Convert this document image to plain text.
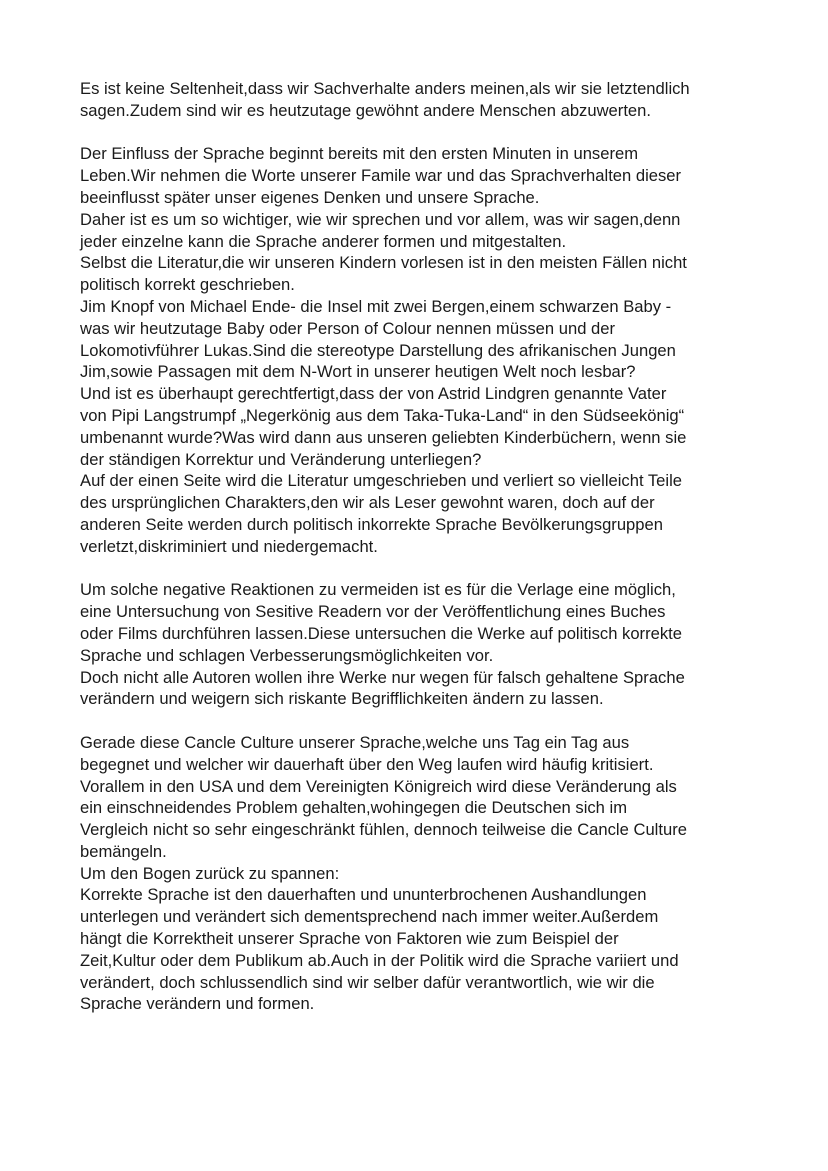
Es ist keine Seltenheit,dass wir Sachverhalte anders meinen,als wir sie letztendlich
sagen.Zudem sind wir es heutzutage gewöhnt andere Menschen abzuwerten.
Der Einfluss der Sprache beginnt bereits mit den ersten Minuten in unserem
Leben.Wir nehmen die Worte unserer Famile war und das Sprachverhalten dieser
beeinflusst später unser eigenes Denken und unsere Sprache.
Daher ist es um so wichtiger, wie wir sprechen und vor allem, was wir sagen,denn
jeder einzelne kann die Sprache anderer formen und mitgestalten.
Selbst die Literatur,die wir unseren Kindern vorlesen ist in den meisten Fällen nicht
politisch korrekt geschrieben.
Jim Knopf von Michael Ende- die Insel mit zwei Bergen,einem schwarzen Baby -
was wir heutzutage Baby oder Person of Colour nennen müssen und der
Lokomotivführer Lukas.Sind die stereotype Darstellung des afrikanischen Jungen
Jim,sowie Passagen mit dem N-Wort in unserer heutigen Welt noch lesbar?
Und ist es überhaupt gerechtfertigt,dass der von Astrid Lindgren genannte Vater
von Pipi Langstrumpf „Negerkönig aus dem Taka-Tuka-Land“ in den Südseekönig“
umbenannt wurde?Was wird dann aus unseren geliebten Kinderbüchern, wenn sie
der ständigen Korrektur und Veränderung unterliegen?
Auf der einen Seite wird die Literatur umgeschrieben und verliert so vielleicht Teile
des ursprünglichen Charakters,den wir als Leser gewohnt waren, doch auf der
anderen Seite werden durch politisch inkorrekte Sprache Bevölkerungsgruppen
verletzt,diskriminiert und niedergemacht.
Um solche negative Reaktionen zu vermeiden ist es für die Verlage eine möglich,
eine Untersuchung von Sesitive Readern vor der Veröffentlichung eines Buches
oder Films durchführen lassen.Diese untersuchen die Werke auf politisch korrekte
Sprache und schlagen Verbesserungsmöglichkeiten vor.
Doch nicht alle Autoren wollen ihre Werke nur wegen für falsch gehaltene Sprache
verändern und weigern sich riskante Begrifflichkeiten ändern zu lassen.
Gerade diese Cancle Culture unserer Sprache,welche uns Tag ein Tag aus
begegnet und welcher wir dauerhaft über den Weg laufen wird häufig kritisiert.
Vorallem in den USA und dem Vereinigten Königreich wird diese Veränderung als
ein einschneidendes Problem gehalten,wohingegen die Deutschen sich im
Vergleich nicht so sehr eingeschränkt fühlen, dennoch teilweise die Cancle Culture
bemängeln.
Um den Bogen zurück zu spannen:
Korrekte Sprache ist den dauerhaften und ununterbrochenen Aushandlungen
unterlegen und verändert sich dementsprechend nach immer weiter.Außerdem
hängt die Korrektheit unserer Sprache von Faktoren wie zum Beispiel der
Zeit,Kultur oder dem Publikum ab.Auch in der Politik wird die Sprache variiert und
verändert, doch schlussendlich sind wir selber dafür verantwortlich, wie wir die
Sprache verändern und formen.
